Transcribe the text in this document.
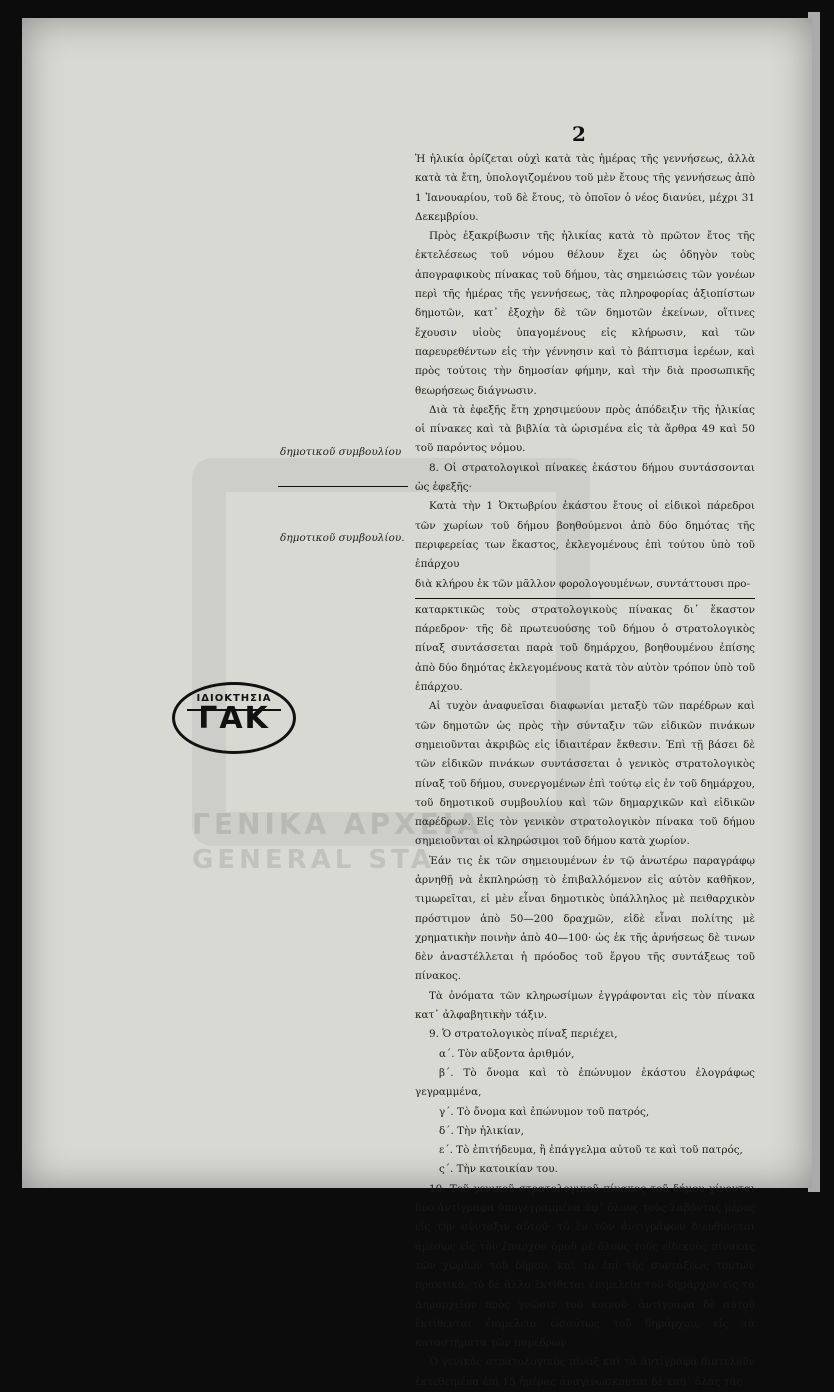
ΓΕΝΙΚΑ ΑΡΧΕΙΑ
GENERAL STA
2

Ἡ ἡλικία ὁρίζεται οὐχὶ κατὰ τὰς ἡμέρας τῆς γεννήσεως, ἀλλὰ κατὰ τὰ ἔτη, ὑπολογιζομένου τοῦ μὲν ἔτους τῆς γεννήσεως ἀπὸ 1 Ἰανουαρίου, τοῦ δὲ ἔτους, τὸ ὁποῖον ὁ νέος διανύει, μέχρι 31 Δεκεμβρίου.

Πρὸς ἐξακρίβωσιν τῆς ἡλικίας κατὰ τὸ πρῶτον ἔτος τῆς ἐκτελέσεως τοῦ νόμου θέλουν ἔχει ὡς ὁδηγὸν τοὺς ἀπογραφικοὺς πίνακας τοῦ δήμου, τὰς σημειώσεις τῶν γονέων περὶ τῆς ἡμέρας τῆς γεννήσεως, τὰς πληροφορίας ἀξιοπίστων δημοτῶν, κατ᾽ ἐξοχὴν δὲ τῶν δημοτῶν ἐκείνων, οἵτινες ἔχουσιν υἱοὺς ὑπαγομένους εἰς κλήρωσιν, καὶ τῶν παρευρεθέντων εἰς τὴν γέννησιν καὶ τὸ βάπτισμα ἱερέων, καὶ πρὸς τούτοις τὴν δημοσίαν φήμην, καὶ τὴν διὰ προσωπικῆς θεωρήσεως διάγνωσιν.

Διὰ τὰ ἐφεξῆς ἔτη χρησιμεύουν πρὸς ἀπόδειξιν τῆς ἡλικίας οἱ πίνακες καὶ τὰ βιβλία τὰ ὡρισμένα εἰς τὰ ἄρθρα 49 καὶ 50 τοῦ παρόντος νόμου.

8. Οἱ στρατολογικοὶ πίνακες ἑκάστου δήμου συντάσσονται ὡς ἐφεξῆς·

Κατὰ τὴν 1 Ὀκτωβρίου ἑκάστου ἔτους οἱ εἰδικοὶ πάρεδροι τῶν χωρίων τοῦ δήμου βοηθούμενοι ἀπὸ δύο δημότας τῆς περιφερείας των ἕκαστος, ἐκλεγομένους ἐπὶ τούτου ὑπὸ τοῦ ἐπάρχου

διὰ κλήρου ἐκ τῶν μᾶλλον φορολογουμένων, συντάττουσι προ-

καταρκτικῶς τοὺς στρατολογικοὺς πίνακας δι᾽ ἕκαστον πάρεδρον· τῆς δὲ πρωτευούσης τοῦ δήμου ὁ στρατολογικὸς πίναξ συντάσσεται παρὰ τοῦ δημάρχου, βοηθουμένου ἐπίσης ἀπὸ δύο δημότας ἐκλεγομένους κατὰ τὸν αὐτὸν τρόπον ὑπὸ τοῦ ἐπάρχου.

Αἱ τυχὸν ἀναφυεῖσαι διαφωνίαι μεταξὺ τῶν παρέδρων καὶ τῶν δημοτῶν ὡς πρὸς τὴν σύνταξιν τῶν εἰδικῶν πινάκων σημειοῦνται ἀκριβῶς εἰς ἰδιαιτέραν ἔκθεσιν. Ἐπὶ τῇ βάσει δὲ τῶν εἰδικῶν πινάκων συντάσσεται ὁ γενικὸς στρατολογικὸς πίναξ τοῦ δήμου, συνεργομένων ἐπὶ τούτῳ εἰς ἐν τοῦ δημάρχου, τοῦ δημοτικοῦ συμβουλίου καὶ τῶν δημαρχικῶν καὶ εἰδικῶν παρέδρων. Εἰς τὸν γενικὸν στρατολογικὸν πίνακα τοῦ δήμου σημειοῦνται οἱ κληρώσιμοι τοῦ δήμου κατὰ χωρίον.

Ἐάν τις ἐκ τῶν σημειουμένων ἐν τῷ ἀνωτέρω παραγράφῳ ἀρνηθῇ νὰ ἐκπληρώσῃ τὸ ἐπιβαλλόμενον εἰς αὐτὸν καθῆκον, τιμωρεῖται, εἰ μὲν εἶναι δημοτικὸς ὑπάλληλος μὲ πειθαρχικὸν πρόστιμον ἀπὸ 50—200 δραχμῶν, εἰδὲ εἶναι πολίτης μὲ χρηματικὴν ποινὴν ἀπὸ 40—100· ὡς ἐκ τῆς ἀρνήσεως δὲ τινων δὲν ἀναστέλλεται ἡ πρόοδος τοῦ ἔργου τῆς συντάξεως τοῦ πίνακος.

Τὰ ὀνόματα τῶν κληρωσίμων ἐγγράφονται εἰς τὸν πίνακα κατ᾽ ἀλφαβητικὴν τάξιν.

9. Ὁ στρατολογικὸς πίναξ περιέχει,

α΄. Τὸν αὔξοντα ἀριθμόν,

β΄. Τὸ ὄνομα καὶ τὸ ἐπώνυμον ἑκάστου ἐλογράφως γεγραμμένα,

γ΄. Τὸ ὄνομα καὶ ἐπώνυμον τοῦ πατρός,

δ΄. Τὴν ἡλικίαν,

ε΄. Τὸ ἐπιτήδευμα, ἢ ἐπάγγελμα αὐτοῦ τε καὶ τοῦ πατρός,

ς΄. Τὴν κατοικίαν του.

10. Τοῦ γενικοῦ στρατολογικοῦ πίνακος τοῦ δήμου γίνονται δύο ἀντίγραφα ὑπογεγραμμένα ἀφ᾽ ὅλους τοὺς λαβόντας μέρος εἰς τὴν σύνταξιν αὐτοῦ· τὸ ἓν τῶν ἀντιγράφων διευθύνεται ἀμέσως εἰς τὸν ἔπαρχον ὁμοῦ μὲ ὅλους τοὺς εἰδικοὺς πίνακας τῶν χωρίων τοῦ δήμου, καὶ τὰ ἐπὶ τῆς συντάξεως τούτων πρακτικά, τὸ δὲ ἄλλο ἐκτίθεται ἐπιμελείᾳ τοῦ δημάρχου εἰς τὰ Δημαρχεῖον πρὸς γνῶσιν τοῦ κοινοῦ· ἀντίγραφα δὲ αὐτοῦ ἐκτίθενται ἐπιμελείᾳ ὡσαύτως τοῦ δημάρχου, εἰς τὰ καταστήματα τῶν παρέδρων.

Ὁ γενικὸς στρατολογικὸς πίναξ καὶ τὰ ἀντίγραφα διατελοῦν ἐκτεθειμένα ἐπὶ 15 ἡμέρας ἀναγινώσκονται δὲ καθ᾽ ὅλας τὰς

δημοτικοῦ συμβουλίου
δημοτικοῦ συμβουλίου.
ΙΔΙΟΚΤΗΣΙΑ
ΓΑΚ
